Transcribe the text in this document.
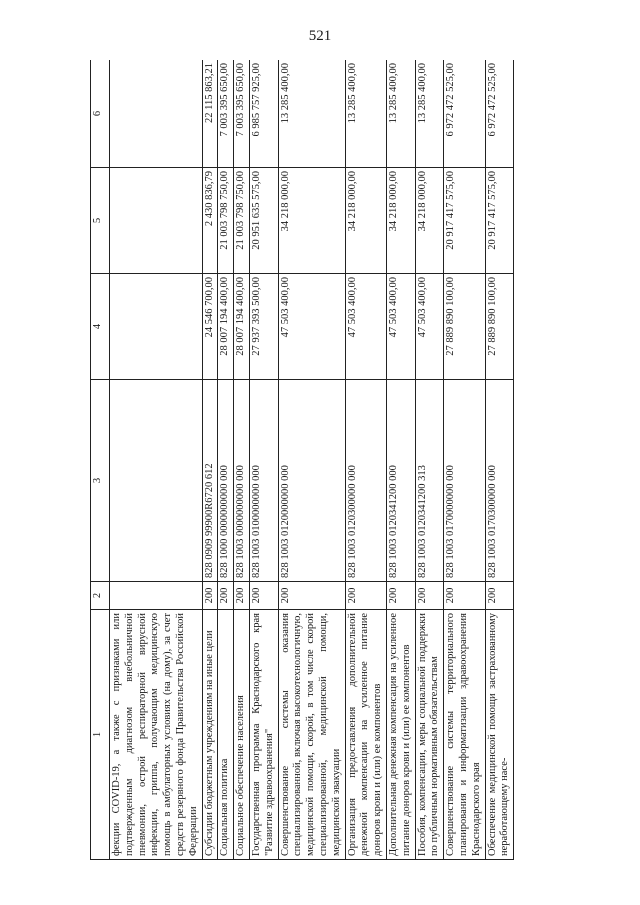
521
1	2	3	4	5	6
фекции COVID-19, а также с признаками или подтвержденным диагнозом внебольничной пневмонии, острой респираторной вирусной инфекции, гриппа, получающим медицинскую помощь в амбулаторных условиях (на дому), за счет средств резервного фонда Правительства Российской Федерации					
Субсидии бюджетным учреждениям на иные цели	200	828 0909 99900R6720 612	24 546 700,00	2 430 836,79	22 115 863,21

Социальная политика	200	828 1000 0000000000 000	28 007 194 400,00	21 003 798 750,00	7 003 395 650,00

Социальное обеспечение населения	200	828 1003 0000000000 000	28 007 194 400,00	21 003 798 750,00	7 003 395 650,00

Государственная программа Краснодарского края "Развитие здравоохранения"	200	828 1003 0100000000 000	27 937 393 500,00	20 951 635 575,00	6 985 757 925,00

Совершенствование системы оказания специализированной, включая высокотехнологичную, медицинской помощи, скорой, в том числе скорой специализированной, медицинской помощи, медицинской эвакуации	200	828 1003 0120000000 000	47 503 400,00	34 218 000,00	13 285 400,00

Организация предоставления дополнительной денежной компенсации на усиленное питание доноров крови и (или) ее компонентов	200	828 1003 0120300000 000	47 503 400,00	34 218 000,00	13 285 400,00

Дополнительная денежная компенсация на усиленное питание доноров крови и (или) ее компонентов	200	828 1003 0120341200 000	47 503 400,00	34 218 000,00	13 285 400,00

Пособия, компенсации, меры социальной поддержки по публичным нормативным обязательствам	200	828 1003 0120341200 313	47 503 400,00	34 218 000,00	13 285 400,00

Совершенствование системы территориального планирования и информатизации здравоохранения Краснодарского края	200	828 1003 0170000000 000	27 889 890 100,00	20 917 417 575,00	6 972 472 525,00

Обеспечение медицинской помощи застрахованному неработающему насе-	200	828 1003 0170300000 000	27 889 890 100,00	20 917 417 575,00	6 972 472 525,00
